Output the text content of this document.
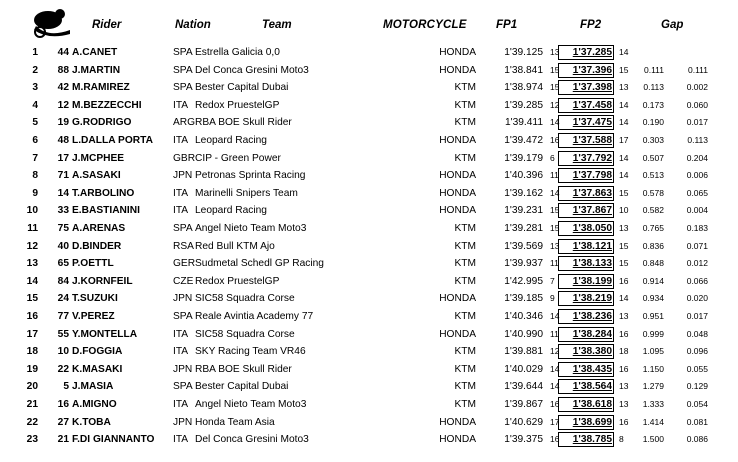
Rider	Nation	Team	MOTORCYCLE	FP1	FP2	Gap
1 44 A.CANET	SPA Estrella Galicia 0,0	HONDA	1'39.125 13 1'37.285 14
2 88 J.MARTIN	SPA Del Conca Gresini Moto3	HONDA	1'38.841 15 1'37.396 15 0.111	0.111
3 42 M.RAMIREZ	SPA Bester Capital Dubai	KTM	1'38.974 15 1'37.398 13 0.113	0.002
4 12 M.BEZZECCHI	ITA Redox PruestelGP	KTM	1'39.285 12 1'37.458 14 0.173	0.060
5 19 G.RODRIGO	ARG RBA BOE Skull Rider	KTM	1'39.411 14 1'37.475 14 0.190	0.017
6 48 L.DALLA PORTA ITA Leopard Racing	HONDA	1'39.472 16 1'37.588 17 0.303	0.113
7 17 J.MCPHEE	GBR CIP - Green Power	KTM	1'39.179 6 1'37.792 14 0.507	0.204
8 71 A.SASAKI	JPN Petronas Sprinta Racing	HONDA	1'40.396 11 1'37.798 14 0.513	0.006
9 14 T.ARBOLINO	ITA Marinelli Snipers Team	HONDA	1'39.162 14 1'37.863 15 0.578	0.065
10 33 E.BASTIANINI	ITA Leopard Racing	HONDA	1'39.231 15 1'37.867 10 0.582	0.004
11 75 A.ARENAS	SPA Angel Nieto Team Moto3	KTM	1'39.281 15 1'38.050 13 0.765	0.183
12 40 D.BINDER	RSA Red Bull KTM Ajo	KTM	1'39.569 13 1'38.121 15 0.836	0.071
13 65 P.OETTL	GER Sudmetal Schedl GP Racing	KTM	1'39.937 11 1'38.133 15 0.848	0.012
14 84 J.KORNFEIL	CZE Redox PruestelGP	KTM	1'42.995 7 1'38.199 16 0.914	0.066
15 24 T.SUZUKI	JPN SIC58 Squadra Corse	HONDA	1'39.185 9 1'38.219 14 0.934	0.020
16 77 V.PEREZ	SPA Reale Avintia Academy 77	KTM	1'40.346 14 1'38.236 13 0.951	0.017
17 55 Y.MONTELLA	ITA SIC58 Squadra Corse	HONDA	1'40.990 11 1'38.284 16 0.999	0.048
18 10 D.FOGGIA	ITA SKY Racing Team VR46	KTM	1'39.881 12 1'38.380 18 1.095	0.096
19 22 K.MASAKI	JPN RBA BOE Skull Rider	KTM	1'40.029 14 1'38.435 16 1.150	0.055
20 5 J.MASIA	SPA Bester Capital Dubai	KTM	1'39.644 14 1'38.564 13 1.279	0.129
21 16 A.MIGNO	ITA Angel Nieto Team Moto3	KTM	1'39.867 16 1'38.618 13 1.333	0.054
22 27 K.TOBA	JPN Honda Team Asia	HONDA	1'40.629 17 1'38.699 16 1.414	0.081
23 21 F.DI GIANNANTO ITA Del Conca Gresini Moto3	HONDA	1'39.375 16 1'38.785 8 1.500	0.086
